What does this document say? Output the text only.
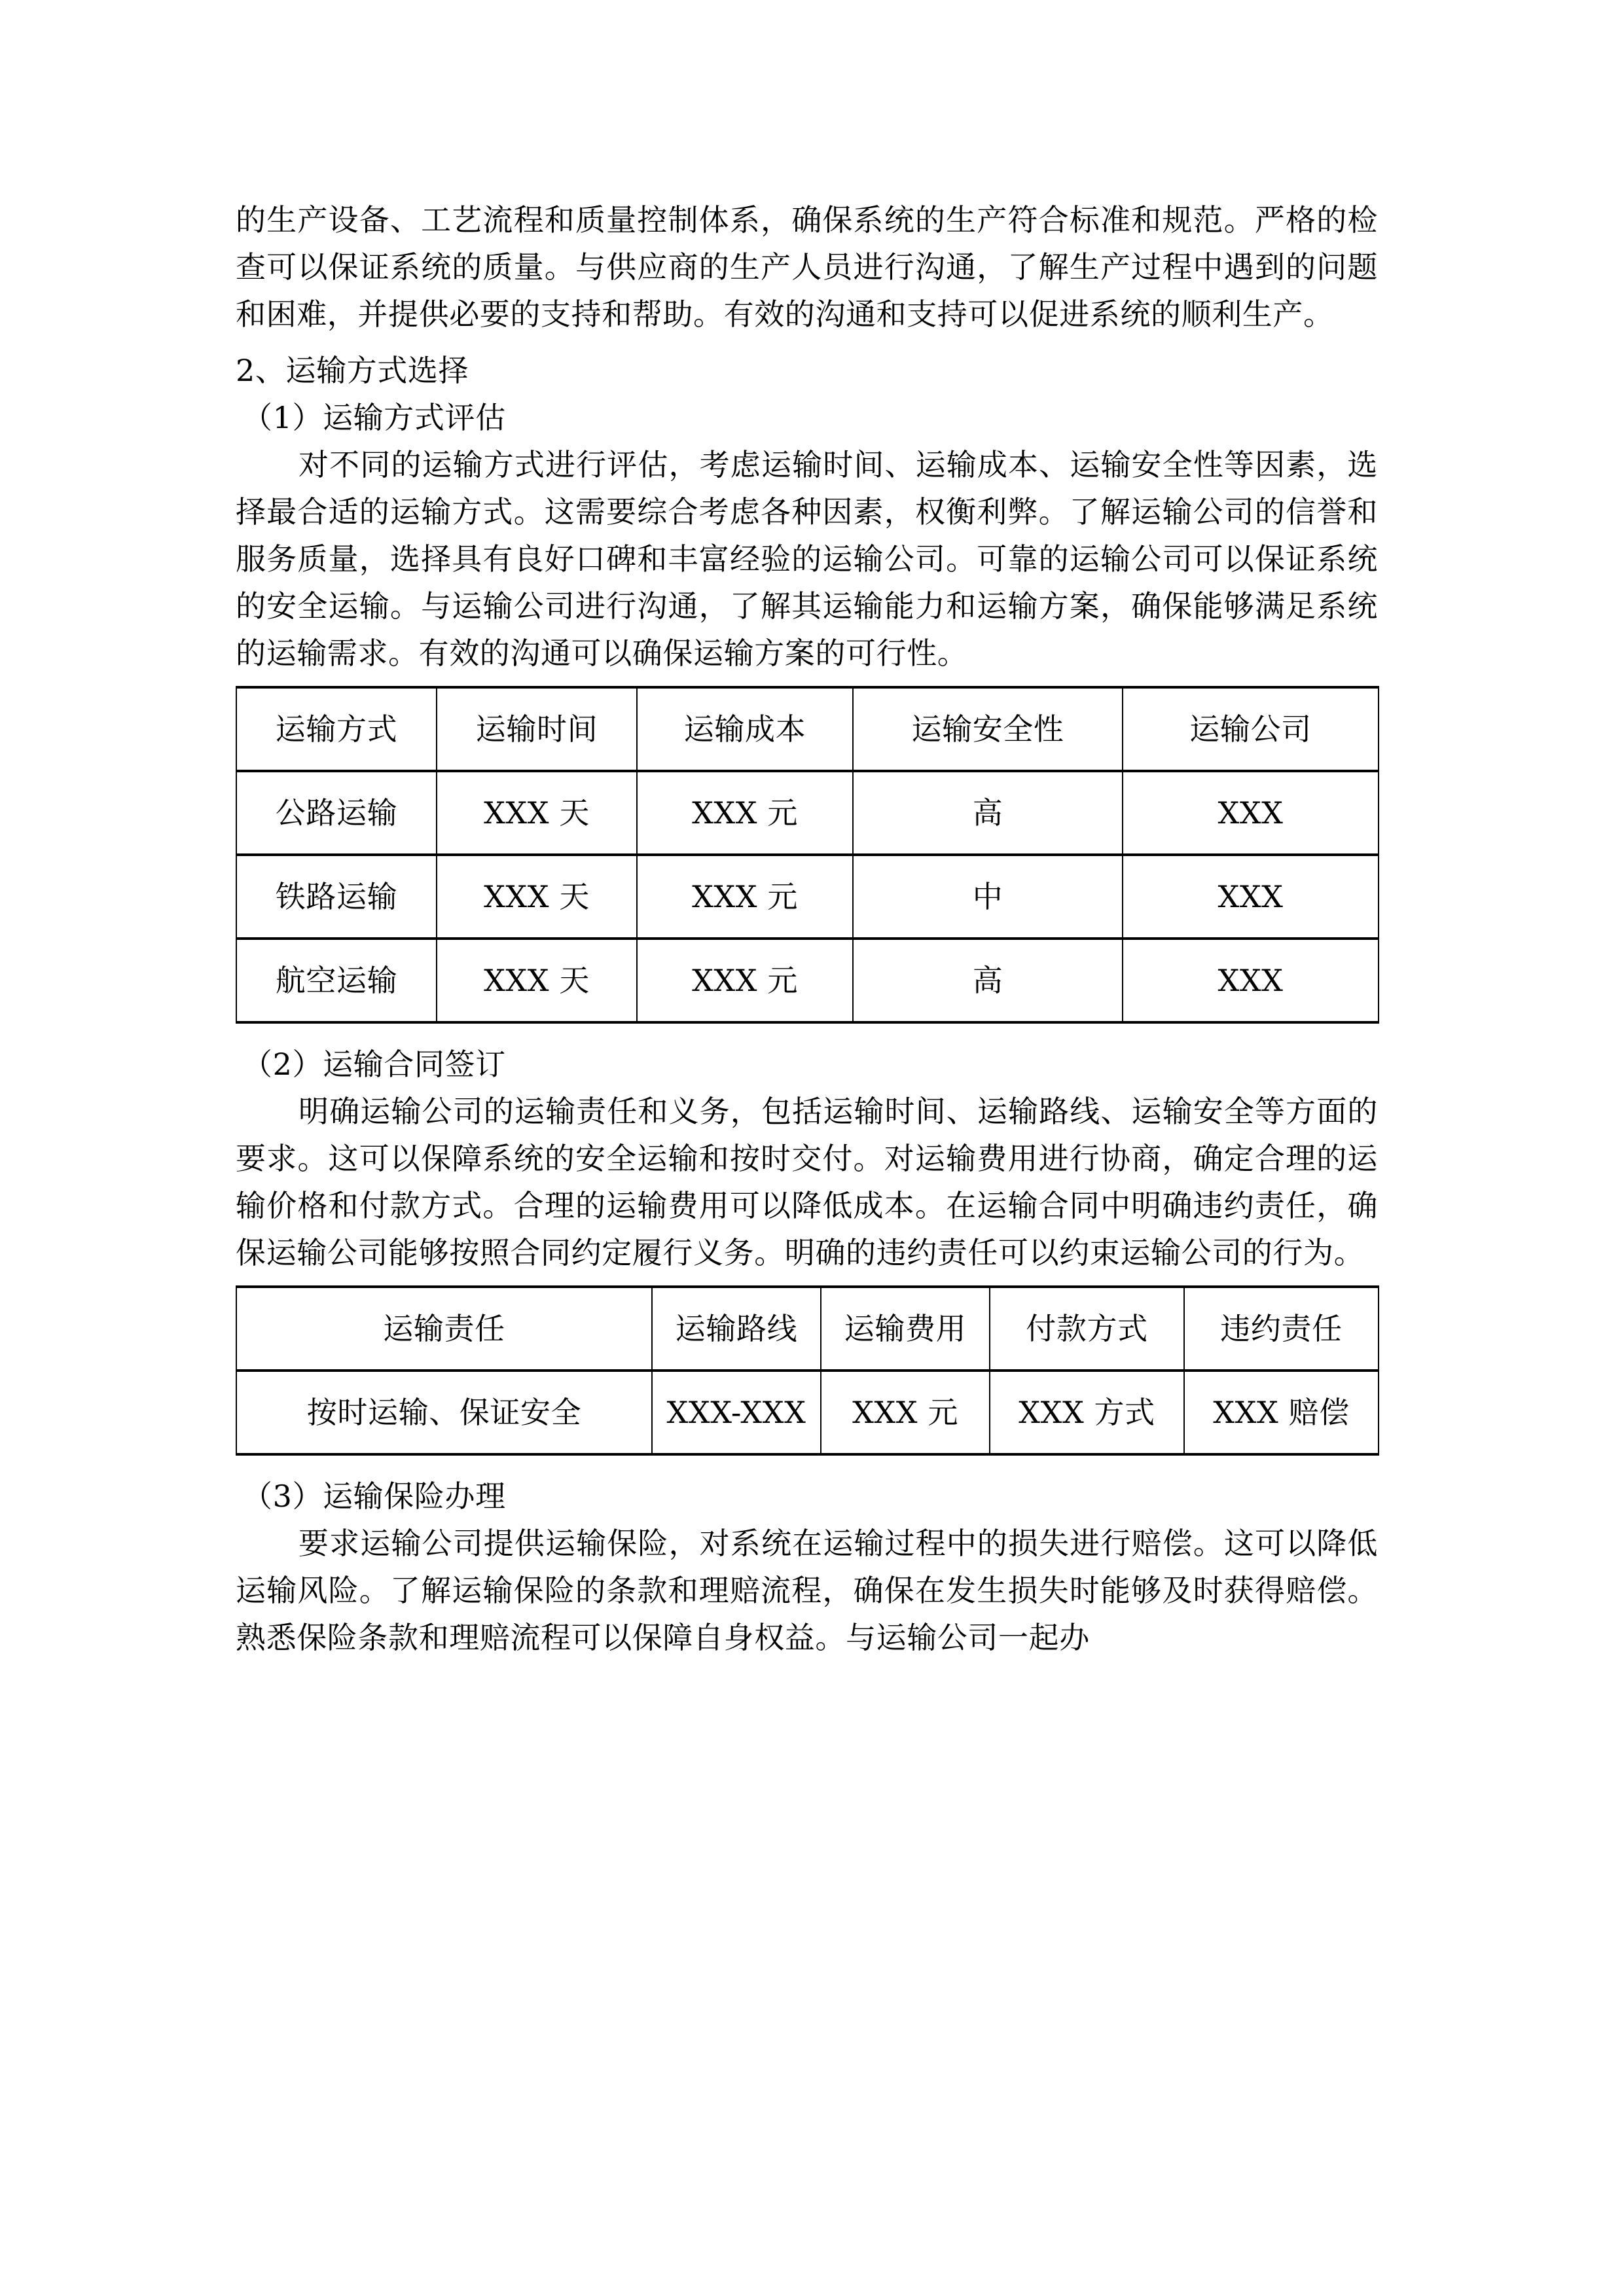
的生产设备、工艺流程和质量控制体系，确保系统的生产符合标准和规范。严格的检查可以保证系统的质量。与供应商的生产人员进行沟通，了解生产过程中遇到的问题和困难，并提供必要的支持和帮助。有效的沟通和支持可以促进系统的顺利生产。

2、运输方式选择

（1）运输方式评估

对不同的运输方式进行评估，考虑运输时间、运输成本、运输安全性等因素，选择最合适的运输方式。这需要综合考虑各种因素，权衡利弊。了解运输公司的信誉和服务质量，选择具有良好口碑和丰富经验的运输公司。可靠的运输公司可以保证系统的安全运输。与运输公司进行沟通，了解其运输能力和运输方案，确保能够满足系统的运输需求。有效的沟通可以确保运输方案的可行性。

运输方式	运输时间	运输成本	运输安全性	运输公司
公路运输	XXX 天	XXX 元	高	XXX
铁路运输	XXX 天	XXX 元	中	XXX
航空运输	XXX 天	XXX 元	高	XXX

（2）运输合同签订

明确运输公司的运输责任和义务，包括运输时间、运输路线、运输安全等方面的要求。这可以保障系统的安全运输和按时交付。对运输费用进行协商，确定合理的运输价格和付款方式。合理的运输费用可以降低成本。在运输合同中明确违约责任，确保运输公司能够按照合同约定履行义务。明确的违约责任可以约束运输公司的行为。

运输责任	运输路线	运输费用	付款方式	违约责任
按时运输、保证安全	XXX-XXX	XXX 元	XXX 方式	XXX 赔偿

（3）运输保险办理

要求运输公司提供运输保险，对系统在运输过程中的损失进行赔偿。这可以降低运输风险。了解运输保险的条款和理赔流程，确保在发生损失时能够及时获得赔偿。熟悉保险条款和理赔流程可以保障自身权益。与运输公司一起办
